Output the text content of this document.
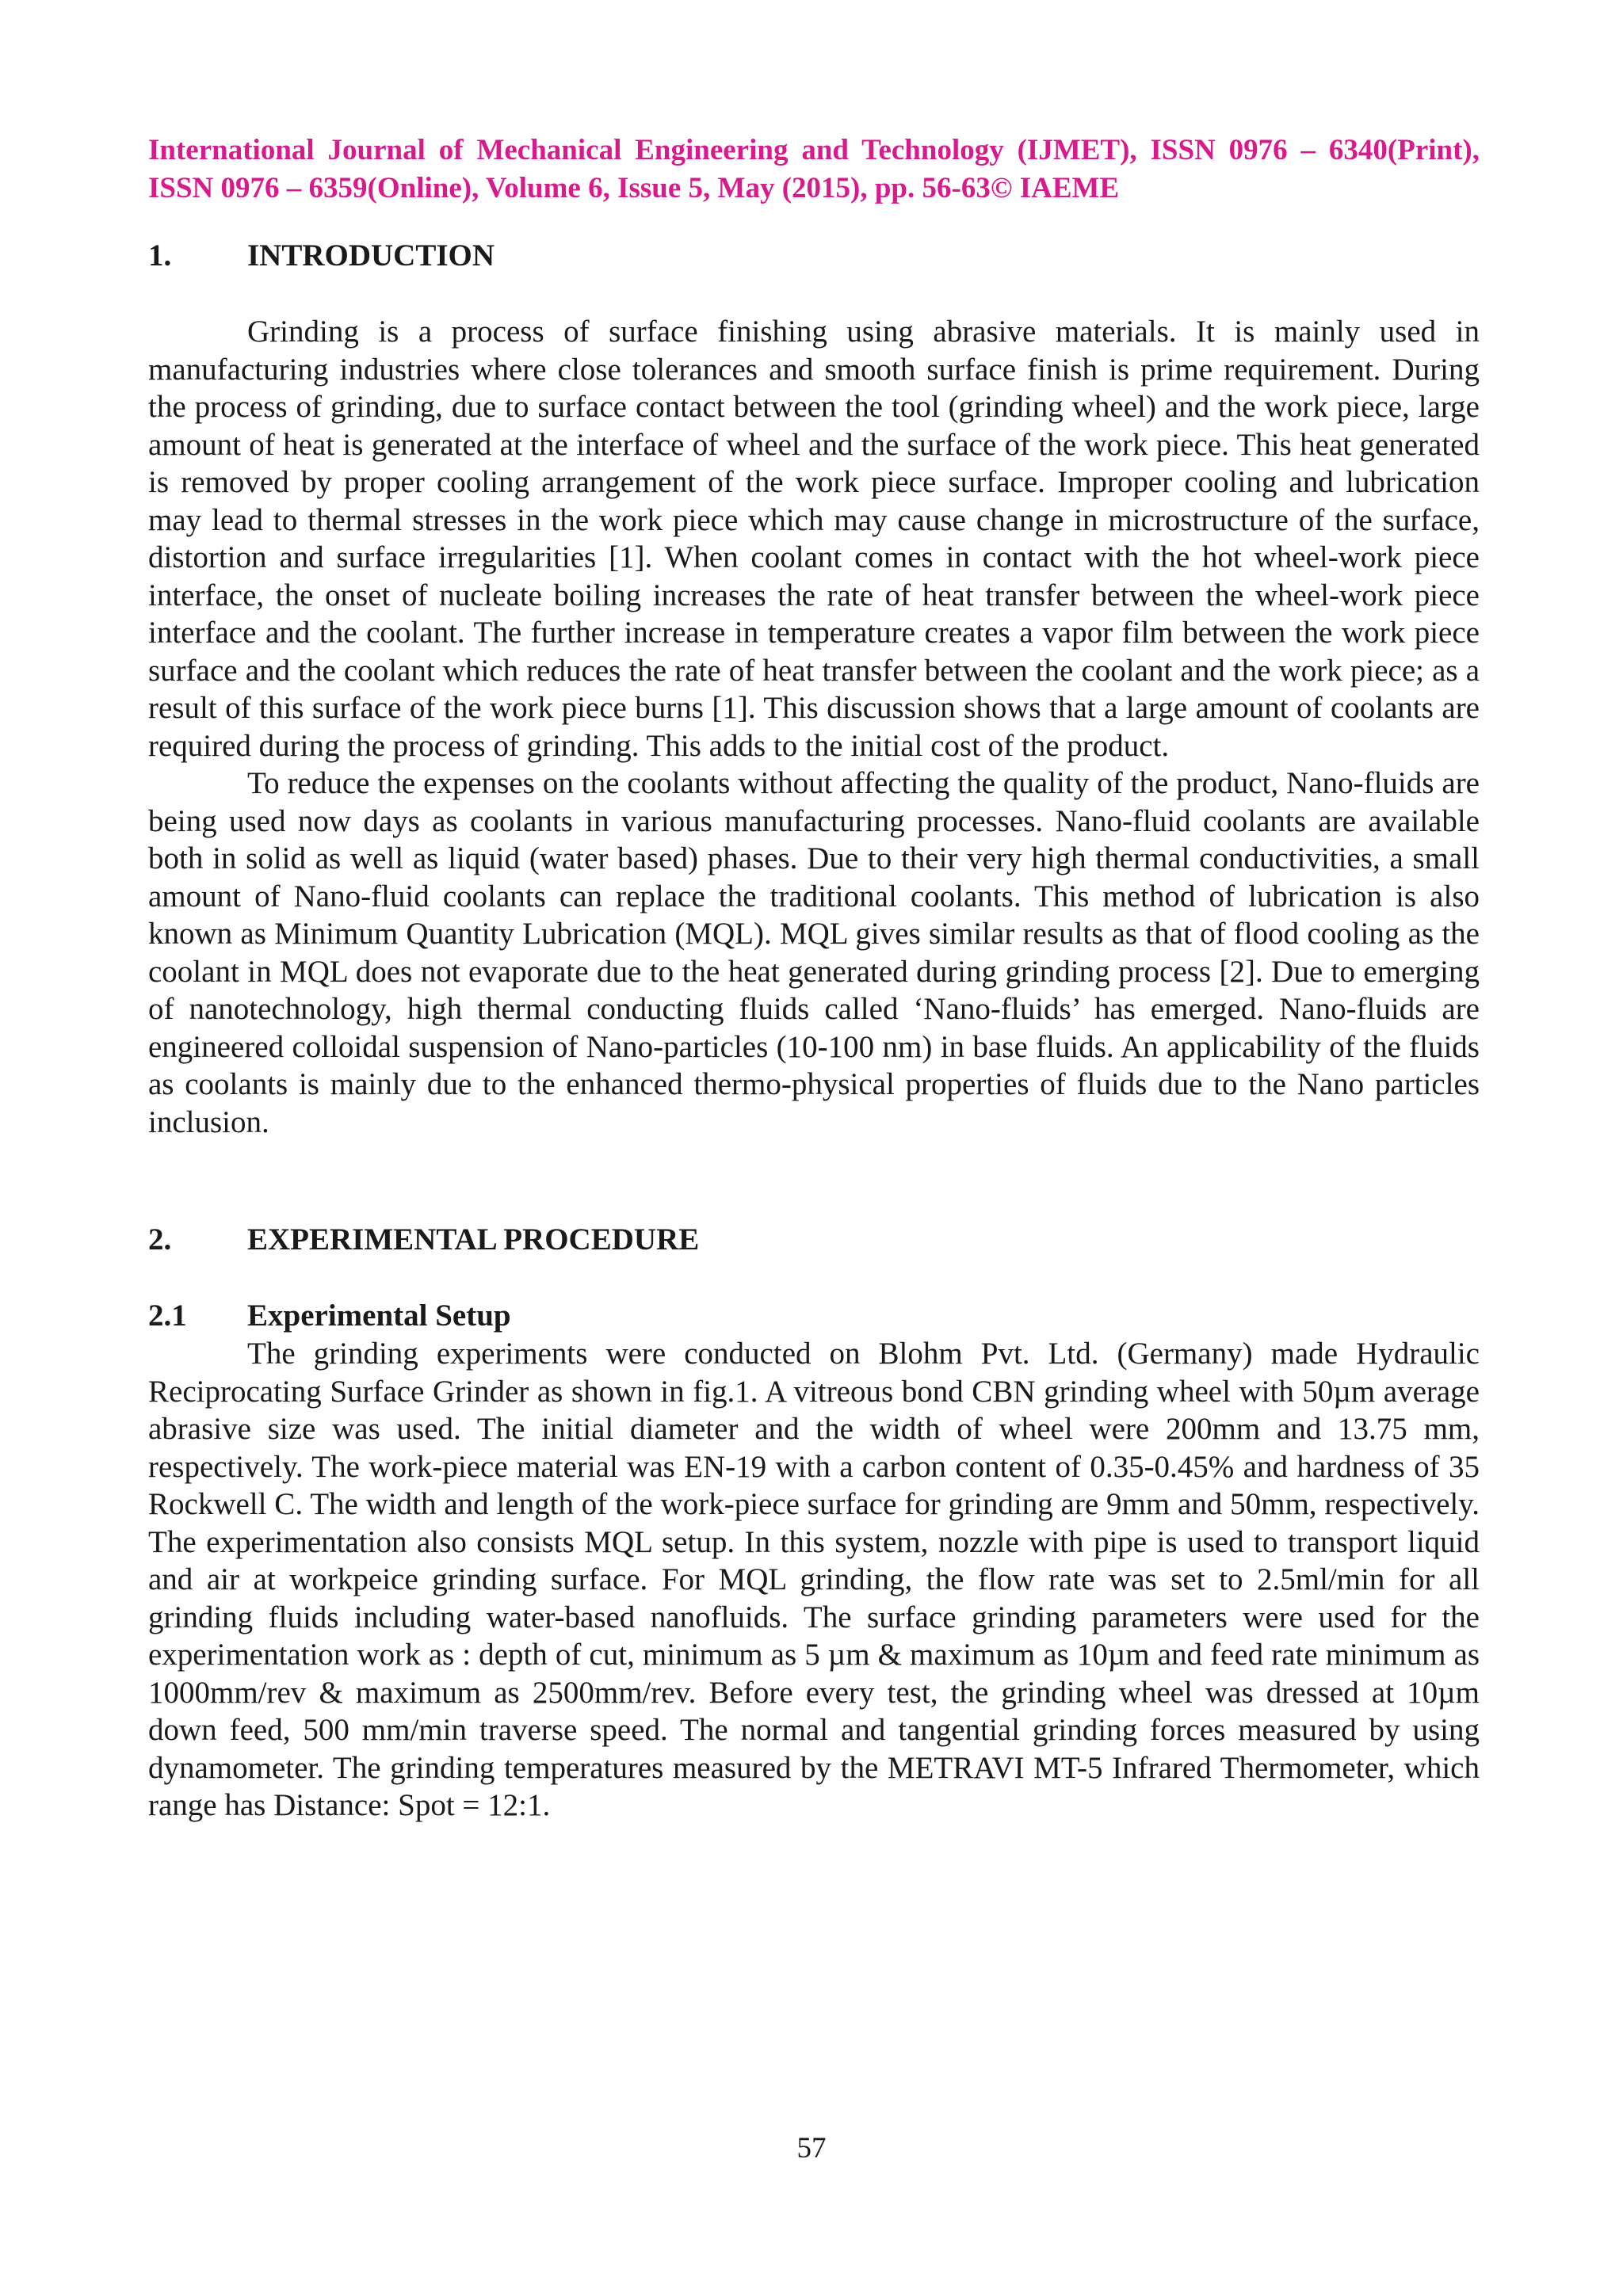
International Journal of Mechanical Engineering and Technology (IJMET), ISSN 0976 – 6340(Print), ISSN 0976 – 6359(Online), Volume 6, Issue 5, May (2015), pp. 56-63© IAEME
1. INTRODUCTION

Grinding is a process of surface finishing using abrasive materials. It is mainly used in manufacturing industries where close tolerances and smooth surface finish is prime requirement. During the process of grinding, due to surface contact between the tool (grinding wheel) and the work piece, large amount of heat is generated at the interface of wheel and the surface of the work piece. This heat generated is removed by proper cooling arrangement of the work piece surface. Improper cooling and lubrication may lead to thermal stresses in the work piece which may cause change in microstructure of the surface, distortion and surface irregularities [1]. When coolant comes in contact with the hot wheel-work piece interface, the onset of nucleate boiling increases the rate of heat transfer between the wheel-work piece interface and the coolant. The further increase in temperature creates a vapor film between the work piece surface and the coolant which reduces the rate of heat transfer between the coolant and the work piece; as a result of this surface of the work piece burns [1]. This discussion shows that a large amount of coolants are required during the process of grinding. This adds to the initial cost of the product.

To reduce the expenses on the coolants without affecting the quality of the product, Nano-fluids are being used now days as coolants in various manufacturing processes. Nano-fluid coolants are available both in solid as well as liquid (water based) phases. Due to their very high thermal conductivities, a small amount of Nano-fluid coolants can replace the traditional coolants. This method of lubrication is also known as Minimum Quantity Lubrication (MQL). MQL gives similar results as that of flood cooling as the coolant in MQL does not evaporate due to the heat generated during grinding process [2]. Due to emerging of nanotechnology, high thermal conducting fluids called ‘Nano-fluids’ has emerged. Nano-fluids are engineered colloidal suspension of Nano-particles (10-100 nm) in base fluids. An applicability of the fluids as coolants is mainly due to the enhanced thermo-physical properties of fluids due to the Nano particles inclusion.

2. EXPERIMENTAL PROCEDURE
2.1 Experimental Setup

The grinding experiments were conducted on Blohm Pvt. Ltd. (Germany) made Hydraulic Reciprocating Surface Grinder as shown in fig.1. A vitreous bond CBN grinding wheel with 50µm average abrasive size was used. The initial diameter and the width of wheel were 200mm and 13.75 mm, respectively. The work-piece material was EN-19 with a carbon content of 0.35-0.45% and hardness of 35 Rockwell C. The width and length of the work-piece surface for grinding are 9mm and 50mm, respectively. The experimentation also consists MQL setup. In this system, nozzle with pipe is used to transport liquid and air at workpeice grinding surface. For MQL grinding, the flow rate was set to 2.5ml/min for all grinding fluids including water-based nanofluids. The surface grinding parameters were used for the experimentation work as : depth of cut, minimum as 5 µm & maximum as 10µm and feed rate minimum as 1000mm/rev & maximum as 2500mm/rev. Before every test, the grinding wheel was dressed at 10µm down feed, 500 mm/min traverse speed. The normal and tangential grinding forces measured by using dynamometer. The grinding temperatures measured by the METRAVI MT-5 Infrared Thermometer, which range has Distance: Spot = 12:1.

57
